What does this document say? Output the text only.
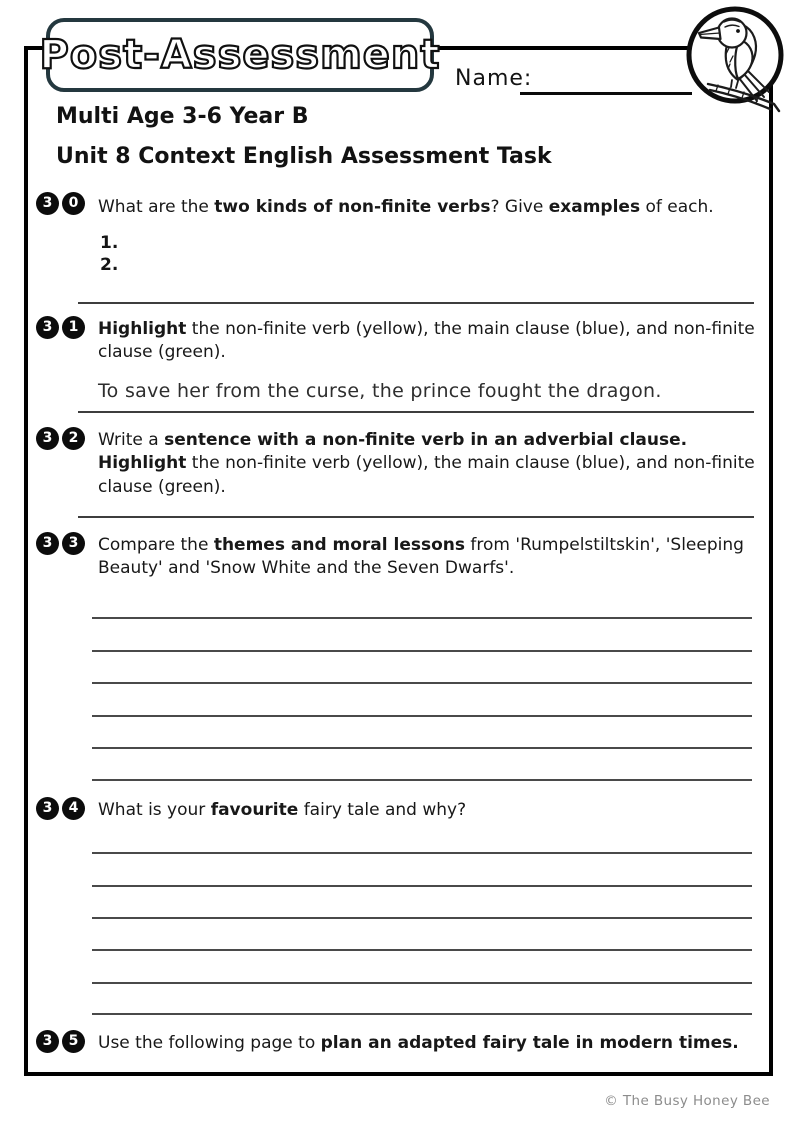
Post-Assessment
Name:
Multi Age 3-6 Year B
Unit 8 Context English Assessment Task
3	0	What are the two kinds of non-finite verbs? Give examples of each.
1.
2.
3	1	Highlight the non-finite verb (yellow), the main clause (blue), and non-finite clause (green).
To save her from the curse, the prince fought the dragon.
3	2	Write a sentence with a non-finite verb in an adverbial clause. Highlight the non-finite verb (yellow), the main clause (blue), and non-finite clause (green).
3	3	Compare the themes and moral lessons from 'Rumpelstiltskin', 'Sleeping Beauty' and 'Snow White and the Seven Dwarfs'.
3	4	What is your favourite fairy tale and why?
3	5	Use the following page to plan an adapted fairy tale in modern times.
© The Busy Honey Bee
